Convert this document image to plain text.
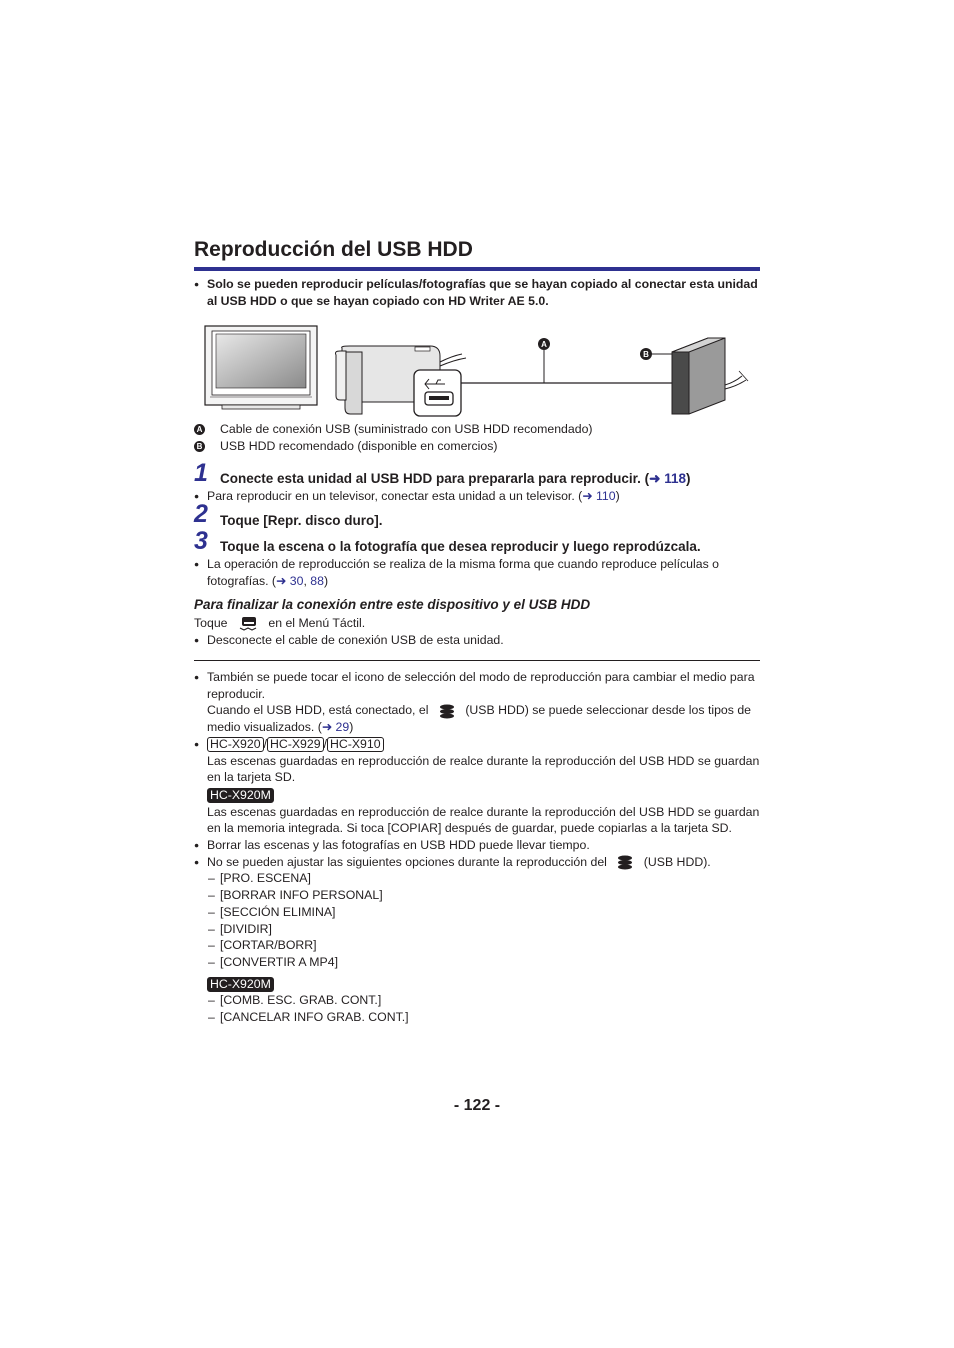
Reproducción del USB HDD
● Solo se pueden reproducir películas/fotografías que se hayan copiado al conectar esta unidad al USB HDD o que se hayan copiado con HD Writer AE 5.0.
A
B
A Cable de conexión USB (suministrado con USB HDD recomendado)
B USB HDD recomendado (disponible en comercios)
1 Conecte esta unidad al USB HDD para prepararla para reproducir. (➜ 118)
● Para reproducir en un televisor, conectar esta unidad a un televisor. (➜ 110)
2 Toque [Repr. disco duro].
3 Toque la escena o la fotografía que desea reproducir y luego reprodúzcala.
● La operación de reproducción se realiza de la misma forma que cuando reproduce películas o fotografías. (➜ 30, 88)
Para finalizar la conexión entre este dispositivo y el USB HDD
Toque	en el Menú Táctil.
● Desconecte el cable de conexión USB de esta unidad.
● También se puede tocar el icono de selección del modo de reproducción para cambiar el medio para reproducir.
Cuando el USB HDD, está conectado, el	(USB HDD) se puede seleccionar desde los tipos de medio visualizados. (➜ 29)
● HC-X920 / HC-X929 / HC-X910
Las escenas guardadas en reproducción de realce durante la reproducción del USB HDD se guardan en la tarjeta SD.
HC-X920M
Las escenas guardadas en reproducción de realce durante la reproducción del USB HDD se guardan en la memoria integrada. Si toca [COPIAR] después de guardar, puede copiarlas a la tarjeta SD.
● Borrar las escenas y las fotografías en USB HDD puede llevar tiempo.
● No se pueden ajustar las siguientes opciones durante la reproducción del	(USB HDD).
– [PRO. ESCENA]
– [BORRAR INFO PERSONAL]
– [SECCIÓN ELIMINA]
– [DIVIDIR]
– [CORTAR/BORR]
– [CONVERTIR A MP4]
HC-X920M
– [COMB. ESC. GRAB. CONT.]
– [CANCELAR INFO GRAB. CONT.]
- 122 -
